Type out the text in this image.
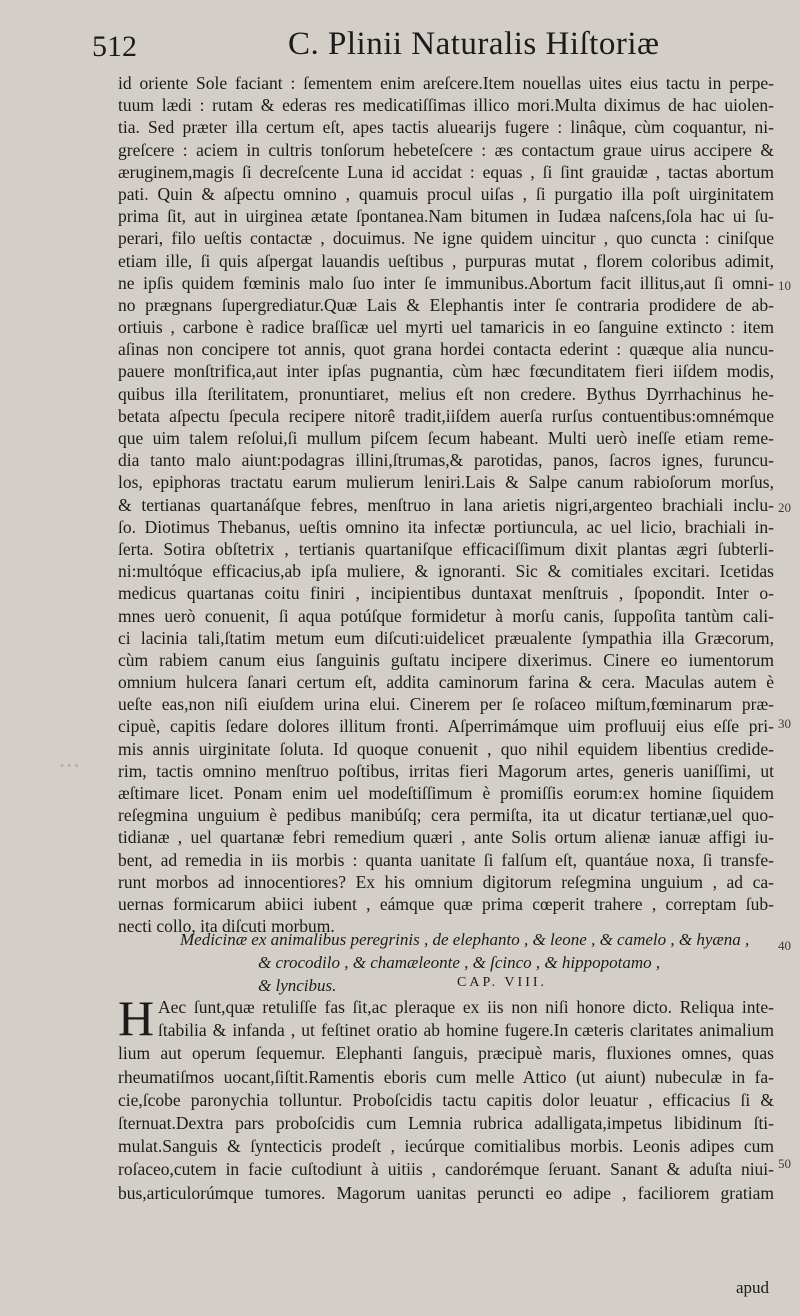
512	C. Plinii Naturalis Hiſtoriæ
id oriente Sole faciant : ſementem enim areſcere.Item nouellas uites eius tactu in perpe-
tuum lædi : rutam & ederas res medicatiſſimas illico mori.Multa diximus de hac uiolen-
tia. Sed præter illa certum eſt, apes tactis aluearijs fugere : linâque, cùm coquantur, ni-
greſcere : aciem in cultris tonſorum hebeteſcere : æs contactum graue uirus accipere &
æruginem,magis ſi decreſcente Luna id accidat : equas , ſi ſint grauidæ , tactas abortum
pati. Quin & aſpectu omnino , quamuis procul uiſas , ſi purgatio illa poſt uirginitatem
prima ſit, aut in uirginea ætate ſpontanea.Nam bitumen in Iudæa naſcens,ſola hac ui ſu-
perari, filo ueſtis contactæ , docuimus. Ne igne quidem uincitur , quo cuncta : ciniſque
etiam ille, ſi quis aſpergat lauandis ueſtibus , purpuras mutat , florem coloribus adimit,
ne ipſis quidem fœminis malo ſuo inter ſe immunibus.Abortum facit illitus,aut ſi omni-
no prægnans ſupergrediatur.Quæ Lais & Elephantis inter ſe contraria prodidere de ab-
ortiuis , carbone è radice braſſicæ uel myrti uel tamaricis in eo ſanguine extincto : item
aſinas non concipere tot annis, quot grana hordei contacta ederint : quæque alia nuncu-
pauere monſtrifica,aut inter ipſas pugnantia, cùm hæc fœcunditatem fieri iiſdem modis,
quibus illa ſterilitatem, pronuntiaret, melius eſt non credere. Bythus Dyrrhachinus he-
betata aſpectu ſpecula recipere nitorê tradit,iiſdem auerſa rurſus contuentibus:omnémque
que uim talem reſolui,ſi mullum piſcem ſecum habeant. Multi uerò ineſſe etiam reme-
dia tanto malo aiunt:podagras illini,ſtrumas,& parotidas, panos, ſacros ignes, furuncu-
los, epiphoras tractatu earum mulierum leniri.Lais & Salpe canum rabioſorum morſus,
& tertianas quartanáſque febres, menſtruo in lana arietis nigri,argenteo brachiali inclu-
ſo. Diotimus Thebanus, ueſtis omnino ita infectæ portiuncula, ac uel licio, brachiali in-
ſerta. Sotira obſtetrix , tertianis quartaniſque efficaciſſimum dixit plantas ægri ſubterli-
ni:multóque efficacius,ab ipſa muliere, & ignoranti. Sic & comitiales excitari. Icetidas
medicus quartanas coitu finiri , incipientibus duntaxat menſtruis , ſpopondit. Inter o-
mnes uerò conuenit, ſi aqua potúſque formidetur à morſu canis, ſuppoſita tantùm cali-
ci lacinia tali,ſtatim metum eum diſcuti:uidelicet præualente ſympathia illa Græcorum,
cùm rabiem canum eius ſanguinis guſtatu incipere dixerimus. Cinere eo iumentorum
omnium hulcera ſanari certum eſt, addita caminorum farina & cera. Maculas autem è
ueſte eas,non niſi eiuſdem urina elui. Cinerem per ſe roſaceo miſtum,fœminarum præ-
cipuè, capitis ſedare dolores illitum fronti. Aſperrimámque uim profluuij eius eſſe pri-
mis annis uirginitate ſoluta. Id quoque conuenit , quo nihil equidem libentius credide-
rim, tactis omnino menſtruo poſtibus, irritas fieri Magorum artes, generis uaniſſimi, ut
æſtimare licet. Ponam enim uel modeſtiſſimum è promiſſis eorum:ex homine ſiquidem
reſegmina unguium è pedibus manibúſq; cera permiſta, ita ut dicatur tertianæ,uel quo-
tidianæ , uel quartanæ febri remedium quæri , ante Solis ortum alienæ ianuæ affigi iu-
bent, ad remedia in iis morbis : quanta uanitate ſi falſum eſt, quantáue noxa, ſi transfe-
runt morbos ad innocentiores? Ex his omnium digitorum reſegmina unguium , ad ca-
uernas formicarum abiici iubent , eámque quæ prima cœperit trahere , correptam ſub-
necti collo, ita diſcuti morbum.
Medicinæ ex animalibus peregrinis , de elephanto , & leone , & camelo , & hyæna ,
& crocodilo , & chamæleonte , & ſcinco , & hippopotamo ,
& lyncibus.	CAP. VIII.
H Aec ſunt,quæ retuliſſe fas ſit,ac pleraque ex iis non niſi honore dicto. Reliqua inte-
ſtabilia & infanda , ut feſtinet oratio ab homine fugere.In cæteris claritates animalium
lium aut operum ſequemur. Elephanti ſanguis, præcipuè maris, fluxiones omnes, quas
rheumatiſmos uocant,ſiſtit.Ramentis eboris cum melle Attico (ut aiunt) nubeculæ in fa-
cie,ſcobe paronychia tolluntur. Proboſcidis tactu capitis dolor leuatur , efficacius ſi &
ſternuat.Dextra pars proboſcidis cum Lemnia rubrica adalligata,impetus libidinum ſti-
mulat.Sanguis & ſyntecticis prodeſt , iecúrque comitialibus morbis. Leonis adipes cum
roſaceo,cutem in facie cuſtodiunt à uitiis , candorémque ſeruant. Sanant & aduſta niui-
bus,articulorúmque tumores. Magorum uanitas peruncti eo adipe , faciliorem gratiam
apud
10
20
30
40
50
▪ ▪ ▪
